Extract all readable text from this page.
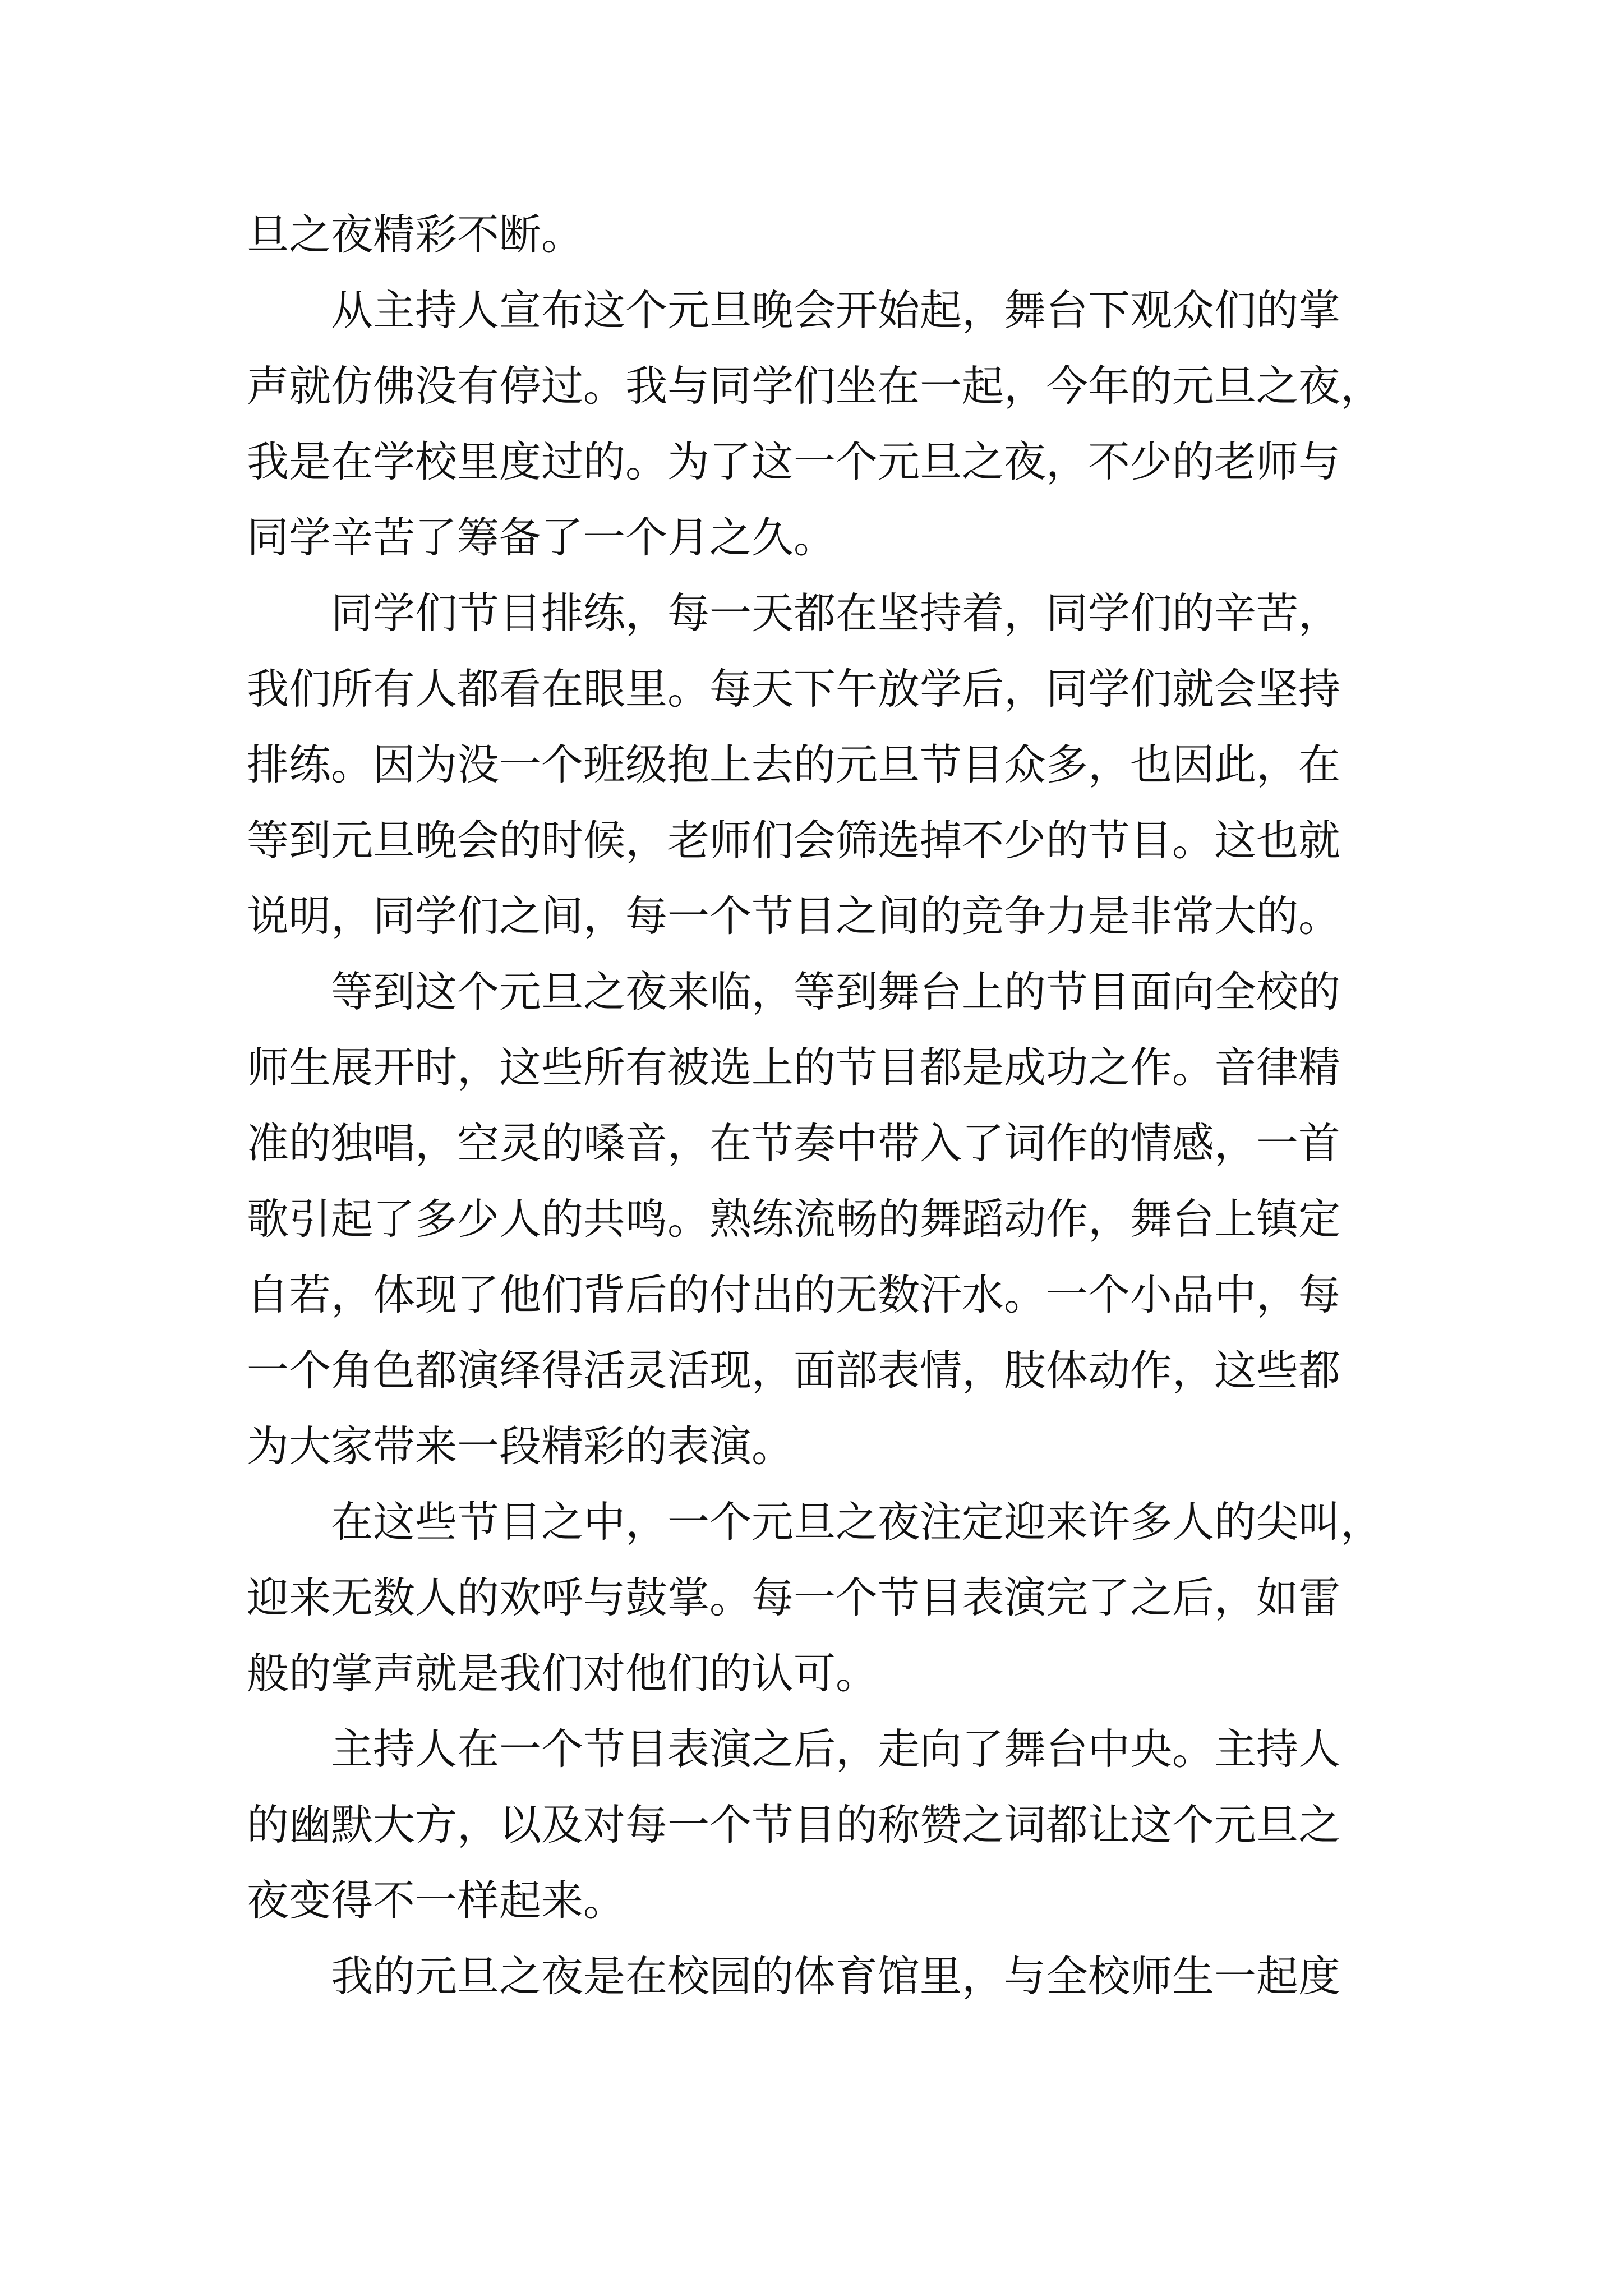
旦之夜精彩不断。
　　从主持人宣布这个元旦晚会开始起，舞台下观众们的掌
声就仿佛没有停过。我与同学们坐在一起，今年的元旦之夜，
我是在学校里度过的。为了这一个元旦之夜，不少的老师与
同学辛苦了筹备了一个月之久。
　　同学们节目排练，每一天都在坚持着，同学们的辛苦，
我们所有人都看在眼里。每天下午放学后，同学们就会坚持
排练。因为没一个班级抱上去的元旦节目众多，也因此，在
等到元旦晚会的时候，老师们会筛选掉不少的节目。这也就
说明，同学们之间，每一个节目之间的竞争力是非常大的。
　　等到这个元旦之夜来临，等到舞台上的节目面向全校的
师生展开时，这些所有被选上的节目都是成功之作。音律精
准的独唱，空灵的嗓音，在节奏中带入了词作的情感，一首
歌引起了多少人的共鸣。熟练流畅的舞蹈动作，舞台上镇定
自若，体现了他们背后的付出的无数汗水。一个小品中，每
一个角色都演绎得活灵活现，面部表情，肢体动作，这些都
为大家带来一段精彩的表演。
　　在这些节目之中，一个元旦之夜注定迎来许多人的尖叫，
迎来无数人的欢呼与鼓掌。每一个节目表演完了之后，如雷
般的掌声就是我们对他们的认可。
　　主持人在一个节目表演之后，走向了舞台中央。主持人
的幽默大方，以及对每一个节目的称赞之词都让这个元旦之
夜变得不一样起来。
　　我的元旦之夜是在校园的体育馆里，与全校师生一起度
